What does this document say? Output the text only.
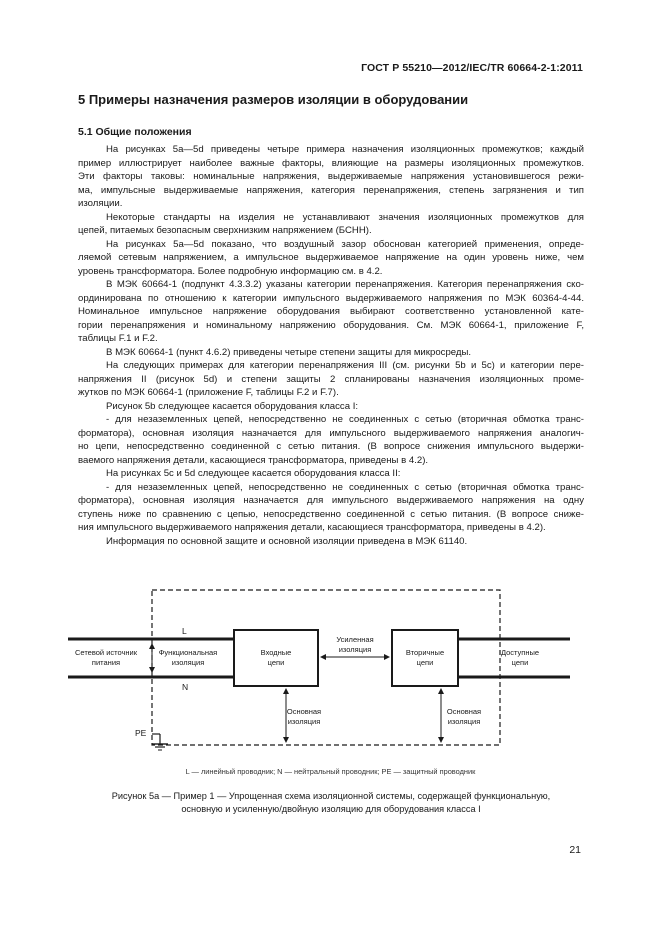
ГОСТ Р 55210—2012/IEC/TR 60664-2-1:2011
5 Примеры назначения размеров изоляции в оборудовании
5.1 Общие положения

На рисунках 5a—5d приведены четыре примера назначения изоляционных промежутков; каждый

пример иллюстрирует наиболее важные факторы, влияющие на размеры изоляционных промежутков.

Эти факторы таковы: номинальные напряжения, выдерживаемые напряжения установившегося режи-

ма, импульсные выдерживаемые напряжения, категория перенапряжения, степень загрязнения и тип

изоляции.

Некоторые стандарты на изделия не устанавливают значения изоляционных промежутков для

цепей, питаемых безопасным сверхнизким напряжением (БСНН).

На рисунках 5a—5d показано, что воздушный зазор обоснован категорией применения, опреде-

ляемой сетевым напряжением, а импульсное выдерживаемое напряжение на один уровень ниже, чем

уровень трансформатора. Более подробную информацию см. в 4.2.

В МЭК 60664-1 (подпункт 4.3.3.2) указаны категории перенапряжения. Категория перенапряжения ско-

ординирована по отношению к категории импульсного выдерживаемого напряжения по МЭК 60364-4-44.

Номинальное импульсное напряжение оборудования выбирают соответственно установленной кате-

гории перенапряжения и номинальному напряжению оборудования. См. МЭК 60664-1, приложение F,

таблицы F.1 и F.2.

В МЭК 60664-1 (пункт 4.6.2) приведены четыре степени защиты для микросреды.

На следующих примерах для категории перенапряжения III (см. рисунки 5b и 5c) и категории пере-

напряжения II (рисунок 5d) и степени защиты 2 спланированы назначения изоляционных проме-

жутков по МЭК 60664-1 (приложение F, таблицы F.2 и F.7).

Рисунок 5b следующее касается оборудования класса I:

- для незаземленных цепей, непосредственно не соединенных с сетью (вторичная обмотка транс-

форматора), основная изоляция назначается для импульсного выдерживаемого напряжения аналогич-

но цепи, непосредственно соединенной с сетью питания. (В вопросе снижения импульсного выдержи-

ваемого напряжения детали, касающиеся трансформатора, приведены в 4.2).

На рисунках 5c и 5d следующее касается оборудования класса II:

- для незаземленных цепей, непосредственно не соединенных с сетью (вторичная обмотка транс-

форматора), основная изоляция назначается для импульсного выдерживаемого напряжения на одну

ступень ниже по сравнению с цепью, непосредственно соединенной с сетью питания. (В вопросе сниже-

ния импульсного выдерживаемого напряжения детали, касающиеся трансформатора, приведены в 4.2).

Информация по основной защите и основной изоляции приведена в МЭК 61140.

L
N
Сетевой источник
питания
Функциональная
изоляция
Входные
цепи
Вторичные
цепи
Доступные
цепи
Усиленная
изоляция
Основная
изоляция
Основная
изоляция
PE
L — линейный проводник; N — нейтральный проводник; PE — защитный проводник
Рисунок 5а — Пример 1 — Упрощенная схема изоляционной системы, содержащей функциональную,
основную и усиленную/двойную изоляцию для оборудования класса I
21
